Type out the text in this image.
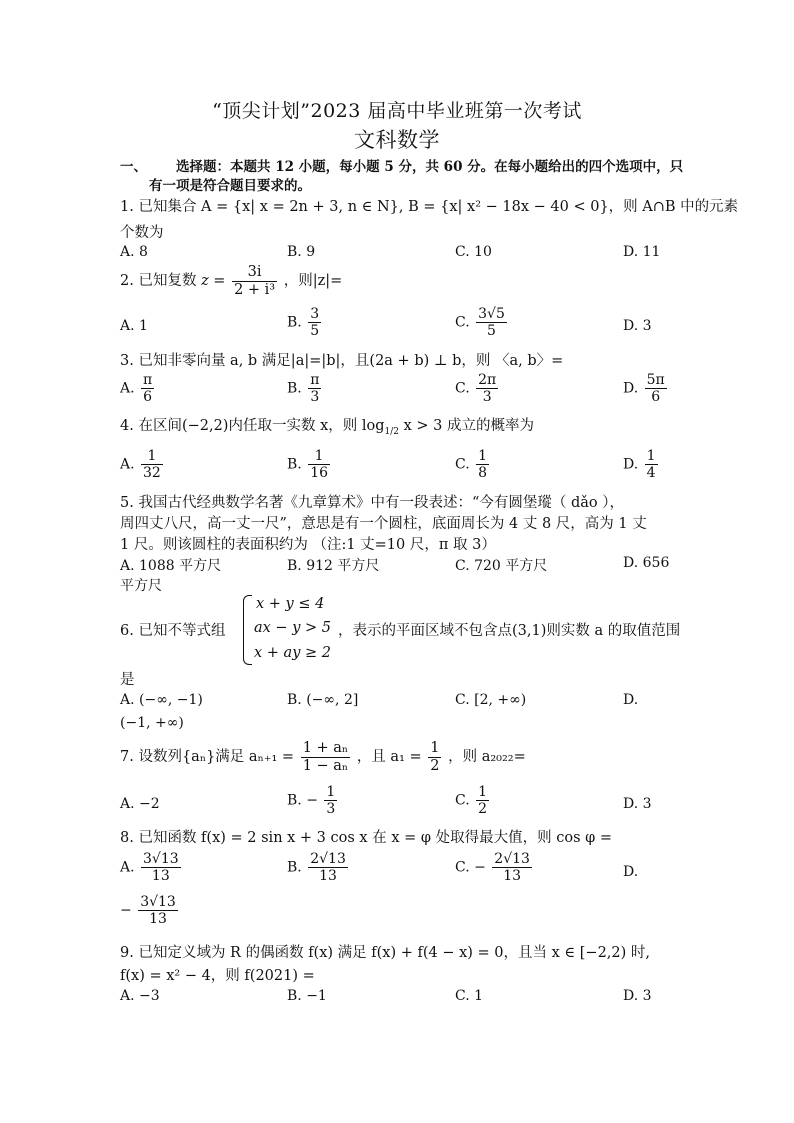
“顶尖计划”2023 届高中毕业班第一次考试
文科数学
一、 选择题：本题共 12 小题，每小题 5 分，共 60 分。在每小题给出的四个选项中，只
有一项是符合题目要求的。
1. 已知集合 A = {x| x = 2n + 3, n ∈ N}, B = {x| x² − 18x − 40 < 0}，则 A∩B 中的元素
个数为
A. 8	B. 9	C. 10	D. 11
2. 已知复数 $z = \frac{3i}{\text{2 + i³}}$ ，则|z|=
A. 1	B. $\frac{3}{5}$	C. $\frac{3√5}{5}$	D. 3
3. 已知非零向量 a, b 满足|a|=|b|，且(2a + b) ⊥ b，则 〈a, b〉=
A. $\frac{\pi}{6}$	B. $\frac{\pi}{3}$	C. $\frac{2\pi}{3}$	D. $\frac{5\pi}{6}$
4. 在区间(−2,2)内任取一实数 x，则 $\log_{1/2} x > 3$ 成立的概率为
A. $\frac{1}{32}$	B. $\frac{1}{16}$	C. $\frac{1}{8}$	D. $\frac{1}{4}$
5. 我国古代经典数学名著《九章算术》中有一段表述：“今有圆堡瑽（ dǎo ），
周四丈八尺，高一丈一尺”，意思是有一个圆柱，底面周长为 4 丈 8 尺，高为 1 丈
1 尺。则该圆柱的表面积约为 （注:1 丈=10 尺，π 取 3）
A. 1088 平方尺	B. 912 平方尺	C. 720 平方尺	D. 656
平方尺
6. 已知不等式组
x + y ≤ 4
ax − y > 5
x + ay ≥ 2
，表示的平面区域不包含点(3,1)则实数 a 的取值范围
是
A. (−∞, −1)	B. (−∞, 2]	C. [2, +∞)	D.
(−1, +∞)
7. 设数列{aₙ}满足 $a_{n+1} = \frac{\text{1 + aₙ}}{\text{1 − aₙ}}$ ，且 $a_1 = \frac{1}{2}$ ，则 a₂₀₂₂=
A. −2	B. − $\frac{1}{3}$	C. $\frac{1}{2}$	D. 3
8. 已知函数 f(x) = 2 sin x + 3 cos x 在 x = φ 处取得最大值，则 cos φ =
A. $\frac{3√13}{13}$	B. $\frac{2√13}{13}$	C. − $\frac{2√13}{13}$	D.
− $\frac{3√13}{13}$
9. 已知定义域为 R 的偶函数 f(x) 满足 f(x) + f(4 − x) = 0，且当 x ∈ [−2,2) 时,
f(x) = x² − 4，则 f(2021) =
A. −3	B. −1	C. 1	D. 3
